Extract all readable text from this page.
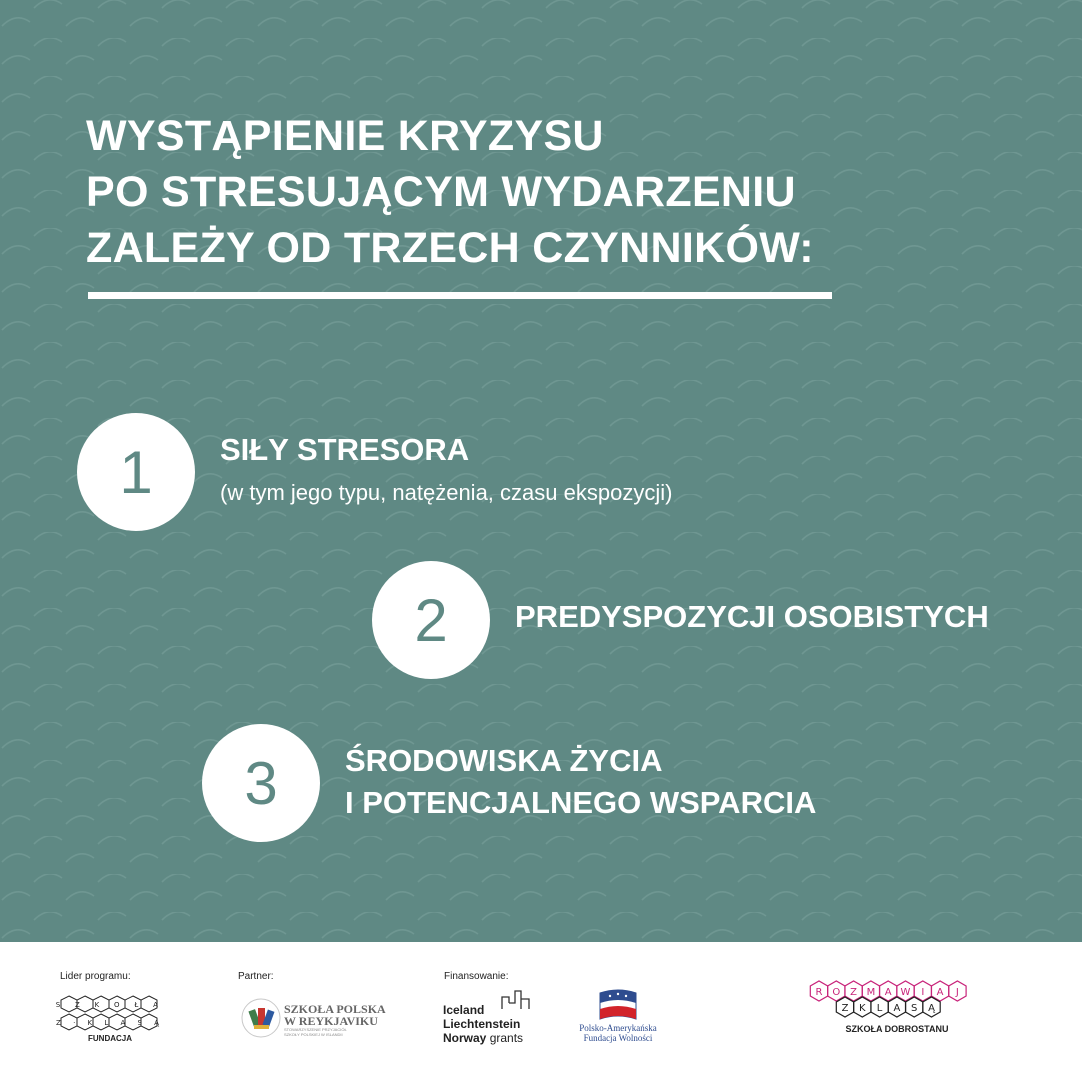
WYSTĄPIENIE KRYZYSU
PO STRESUJĄCYM WYDARZENIU
ZALEŻY OD TRZECH CZYNNIKÓW:
1	SIŁY STRESORA
(w tym jego typu, natężenia, czasu ekspozycji)
2	PREDYSPOZYCJI OSOBISTYCH
3	ŚRODOWISKA ŻYCIA
I POTENCJALNEGO WSPARCIA
Lider programu:	Partner:	Finansowanie:
S Z K O Ł A
Z · K L A S Ą
FUNDACJA
SZKOŁA POLSKA
W REYKJAVIKU
STOWARZYSZENIE PRZYJACIÓŁ
SZKOŁY POLSKIEJ W ISLANDII
Iceland
Liechtenstein
Norway grants
Polsko-Amerykańska
Fundacja Wolności
R O Z M A W I A J
Z K L A S Ą
SZKOŁA DOBROSTANU
